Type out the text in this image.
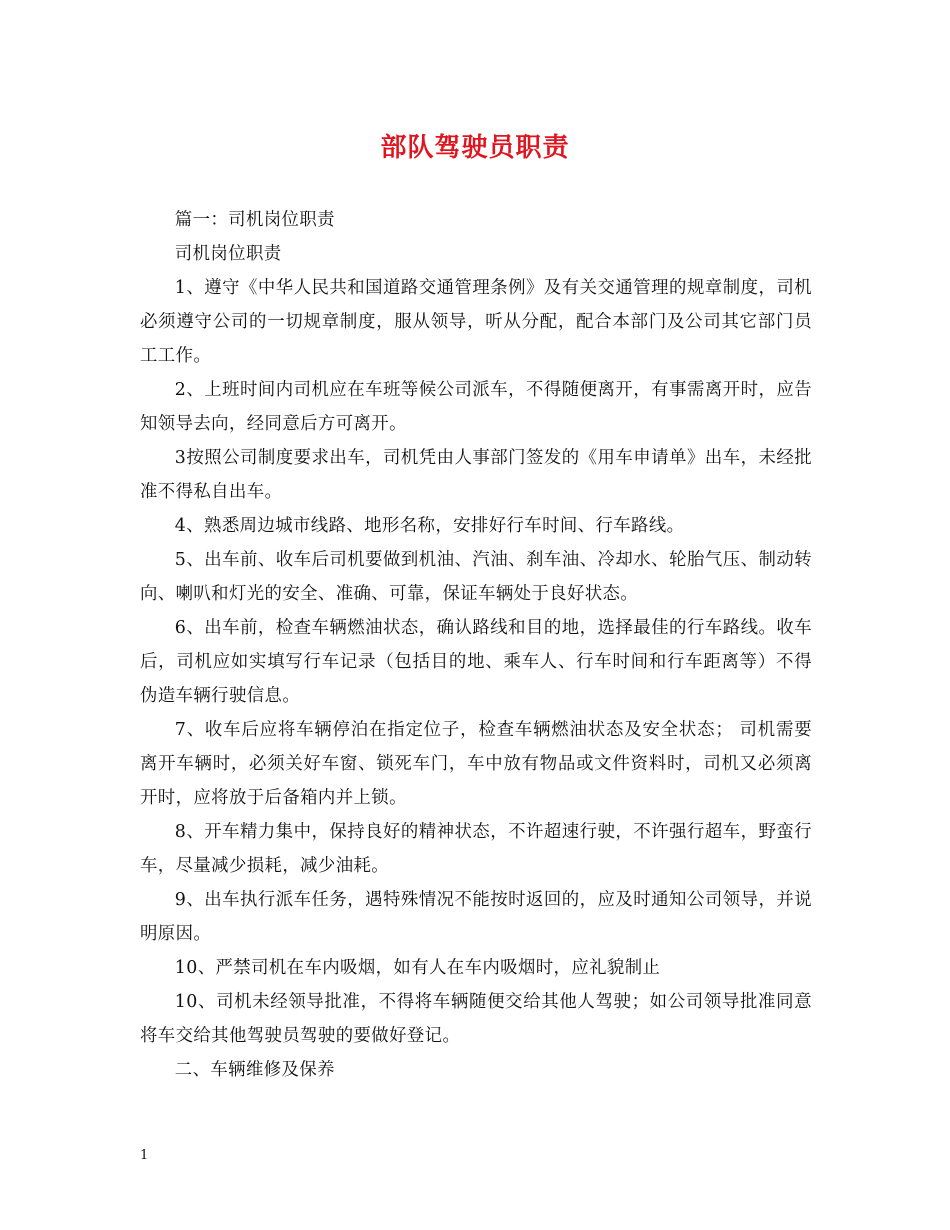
部队驾驶员职责

篇一：司机岗位职责

司机岗位职责

1、遵守《中华人民共和国道路交通管理条例》及有关交通管理的规章制度，司机必须遵守公司的一切规章制度，服从领导，听从分配，配合本部门及公司其它部门员工工作。

2、上班时间内司机应在车班等候公司派车，不得随便离开，有事需离开时，应告知领导去向，经同意后方可离开。

3按照公司制度要求出车，司机凭由人事部门签发的《用车申请单》出车，未经批准不得私自出车。

4、熟悉周边城市线路、地形名称，安排好行车时间、行车路线。

5、出车前、收车后司机要做到机油、汽油、刹车油、冷却水、轮胎气压、制动转向、喇叭和灯光的安全、准确、可靠，保证车辆处于良好状态。

6、出车前，检查车辆燃油状态，确认路线和目的地，选择最佳的行车路线。收车后，司机应如实填写行车记录（包括目的地、乘车人、行车时间和行车距离等）不得伪造车辆行驶信息。

7、收车后应将车辆停泊在指定位子，检查车辆燃油状态及安全状态； 司机需要离开车辆时，必须关好车窗、锁死车门，车中放有物品或文件资料时，司机又必须离开时，应将放于后备箱内并上锁。

8、开车精力集中，保持良好的精神状态，不许超速行驶，不许强行超车，野蛮行车，尽量减少损耗，减少油耗。

9、出车执行派车任务，遇特殊情况不能按时返回的，应及时通知公司领导，并说明原因。

10、严禁司机在车内吸烟，如有人在车内吸烟时，应礼貌制止

10、司机未经领导批准，不得将车辆随便交给其他人驾驶；如公司领导批准同意将车交给其他驾驶员驾驶的要做好登记。

二、车辆维修及保养

1
